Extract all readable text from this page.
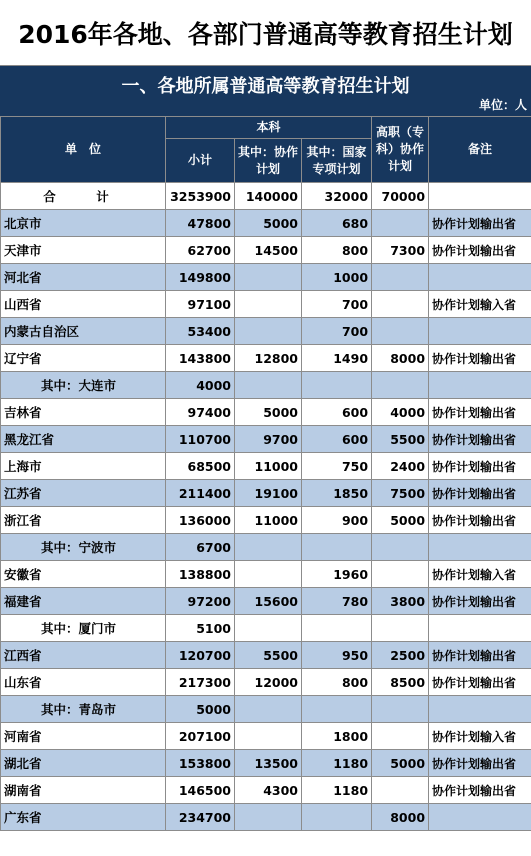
2016年各地、各部门普通高等教育招生计划
一、各地所属普通高等教育招生计划
单位：人
单　位	本科			高职（专科）协作计划	备注
	小计	其中：协作计划	其中：国家专项计划		
合　计	3253900	140000	32000	70000	
北京市	47800	5000	680		协作计划输出省
天津市	62700	14500	800	7300	协作计划输出省
河北省	149800		1000		
山西省	97100		700		协作计划输入省
内蒙古自治区	53400		700		
辽宁省	143800	12800	1490	8000	协作计划输出省
其中：大连市	4000				
吉林省	97400	5000	600	4000	协作计划输出省
黑龙江省	110700	9700	600	5500	协作计划输出省
上海市	68500	11000	750	2400	协作计划输出省
江苏省	211400	19100	1850	7500	协作计划输出省
浙江省	136000	11000	900	5000	协作计划输出省
其中：宁波市	6700				
安徽省	138800		1960		协作计划输入省
福建省	97200	15600	780	3800	协作计划输出省
其中：厦门市	5100				
江西省	120700	5500	950	2500	协作计划输出省
山东省	217300	12000	800	8500	协作计划输出省
其中：青岛市	5000				
河南省	207100		1800		协作计划输入省
湖北省	153800	13500	1180	5000	协作计划输出省
湖南省	146500	4300	1180		协作计划输出省
广东省	234700			8000	
